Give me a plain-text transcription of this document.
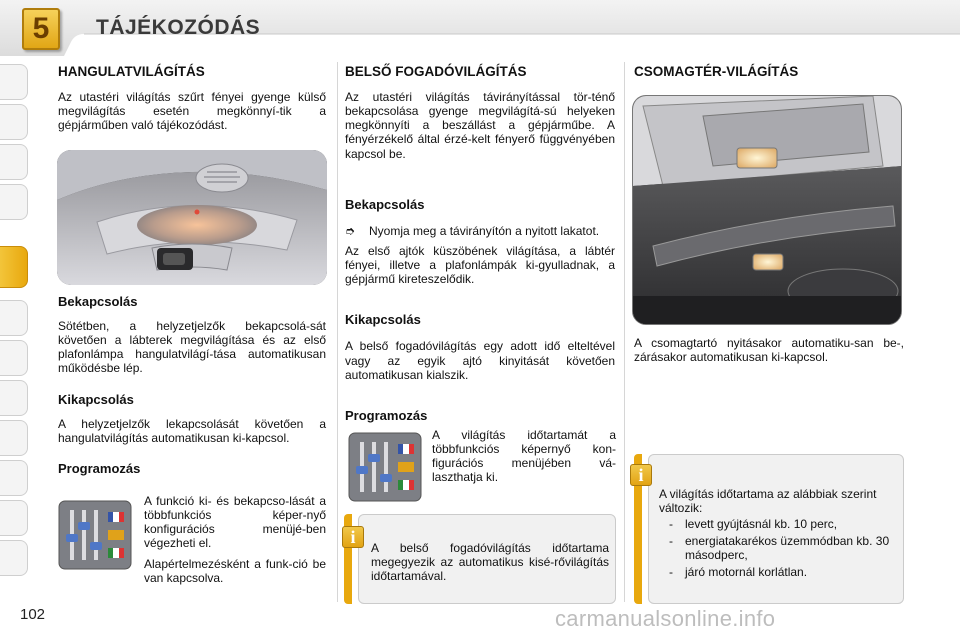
5	TÁJÉKOZÓDÁS
HANGULATVILÁGÍTÁS

Az utastéri világítás szűrt fényei gyenge külső megvilágítás esetén megkönnyí-tik a gépjárműben való tájékozódást.

Bekapcsolás

Sötétben, a helyzetjelzők bekapcsolá-sát követően a lábterek megvilágítása és az első plafonlámpa hangulatvilágí-tása automatikusan működésbe lép.

Kikapcsolás

A helyzetjelzők lekapcsolását követően a hangulatvilágítás automatikusan ki-kapcsol.

Programozás

A funkció ki- és bekapcso-lását a többfunkciós képer-nyő konfigurációs menüjé-ben végezheti el.

Alapértelmezésként a funk-ció be van kapcsolva.

BELSŐ FOGADÓVILÁGÍTÁS

Az utastéri világítás távirányítással tör-ténő bekapcsolása gyenge megvilágítá-sú helyeken megkönnyíti a beszállást a gépjárműbe. A fényérzékelő által érzé-kelt fényerő függvényében kapcsol be.

Bekapcsolás
➮	Nyomja meg a távirányítón a nyitott lakatot.

Az első ajtók küszöbének világítása, a lábtér fényei, illetve a plafonlámpák ki-gyulladnak, a gépjármű kireteszelődik.

Kikapcsolás

A belső fogadóvilágítás egy adott idő elteltével vagy az egyik ajtó kinyitását követően automatikusan kialszik.

Programozás

A világítás időtartamát a többfunkciós képernyő kon-figurációs menüjében vá-laszthatja ki.

A belső fogadóvilágítás időtartama megegyezik az automatikus kisé-rővilágítás időtartamával.

i
CSOMAGTÉR-VILÁGÍTÁS

A csomagtartó nyitásakor automatiku-san be-, zárásakor automatikusan ki-kapcsol.

A világítás időtartama az alábbiak szerint változik:

- levett gyújtásnál kb. 10 perc,
- energiatakarékos üzemmódban kb. 30 másodperc,
- járó motornál korlátlan.
i
102	carmanualsonline.info
